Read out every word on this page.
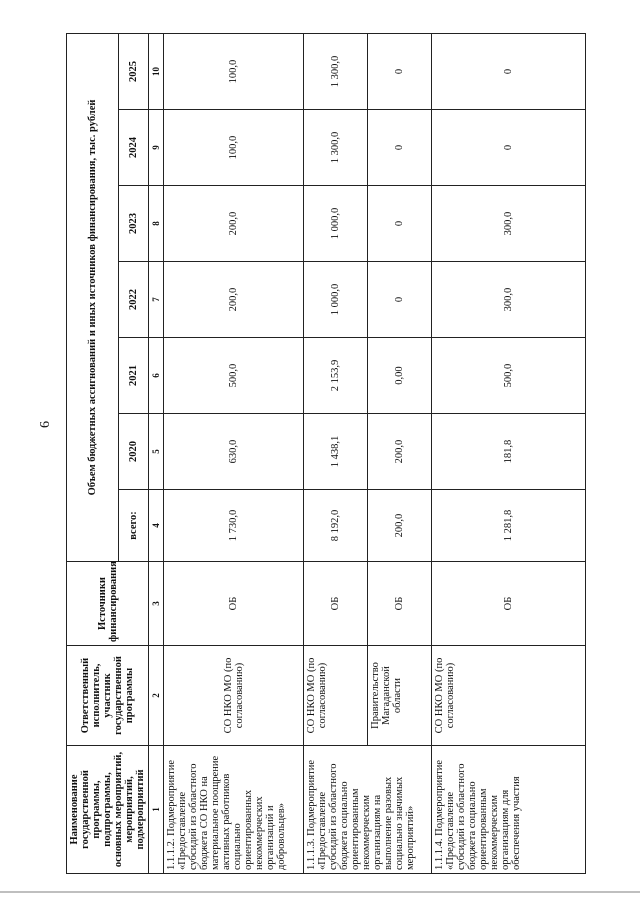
6
Наименование государственной программы, подпрограммы, основных мероприятий, мероприятий, подмероприятий	Ответственный исполнитель, участник государственной программы	Источники финансирования	Объем бюджетных ассигнований и иных источников финансирования, тыс. рублей						
			всего:	2020	2021	2022	2023	2024	2025
1	2	3	4	5	6	7	8	9	10
1.1.1.2. Подмероприятие «Предоставление субсидий из областного бюджета СО НКО на материальное поощрение активных работников социально ориентированных некоммерческих организаций и добровольцев»	СО НКО МО (по согласованию)	ОБ	1 730,0	630,0	500,0	200,0	200,0	100,0	100,0
1.1.1.3. Подмероприятие «Предоставление субсидий из областного бюджета социально ориентированным некоммерческим организациям на выполнение разовых социально значимых мероприятий»	СО НКО МО (по согласованию)	ОБ	8 192,0	1 438,1	2 153,9	1 000,0	1 000,0	1 300,0	1 300,0
	Правительство Магаданской области	ОБ	200,0	200,0	0,00	0	0	0	0
1.1.1.4. Подмероприятие «Предоставление субсидий из областного бюджета социально ориентированным некоммерческим организациям для обеспечения участия	СО НКО МО (по согласованию)	ОБ	1 281,8	181,8	500,0	300,0	300,0	0	0
